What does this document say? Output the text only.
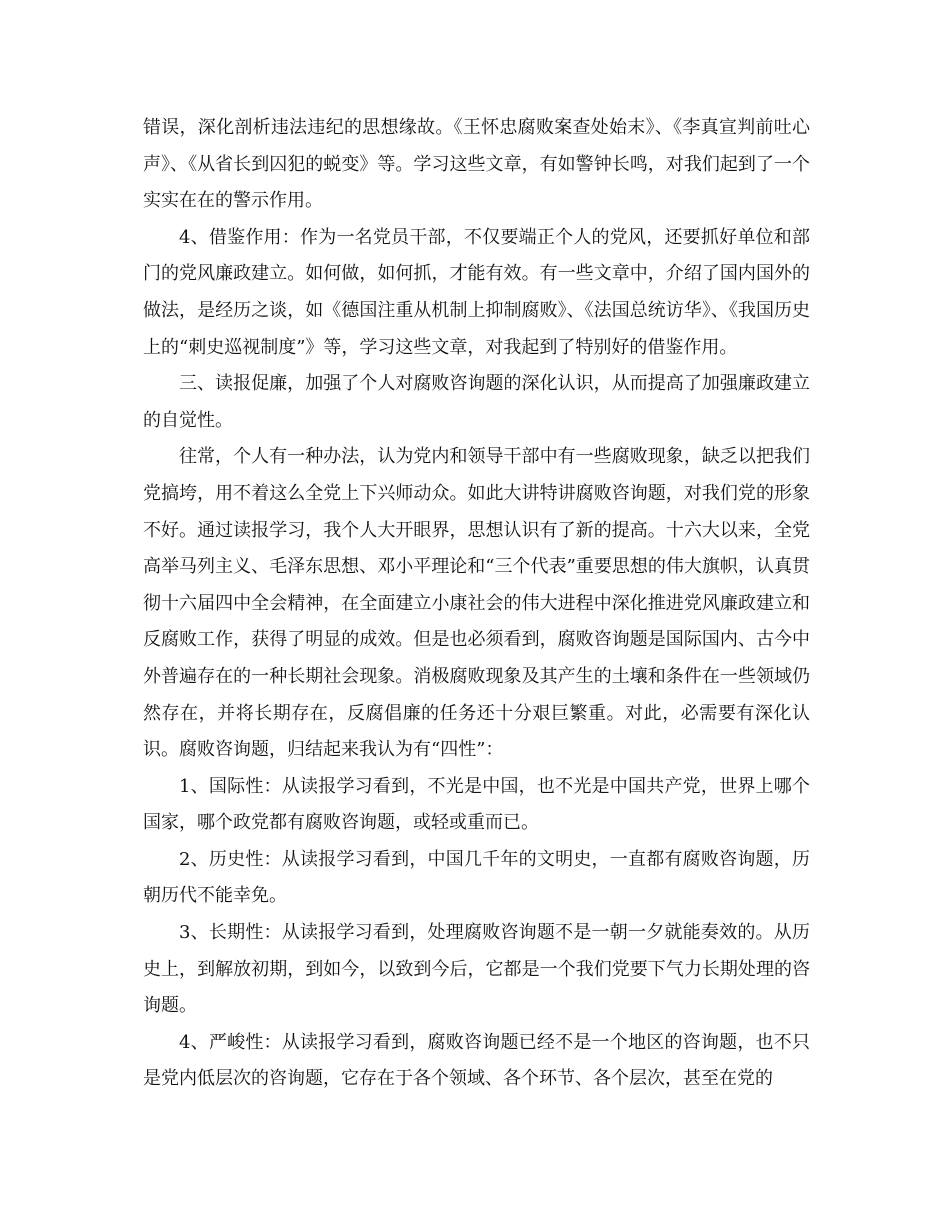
错误，深化剖析违法违纪的思想缘故。《王怀忠腐败案查处始末》、《李真宣判前吐心声》、《从省长到囚犯的蜕变》等。学习这些文章，有如警钟长鸣，对我们起到了一个实实在在的警示作用。

4、借鉴作用：作为一名党员干部，不仅要端正个人的党风，还要抓好单位和部门的党风廉政建立。如何做，如何抓，才能有效。有一些文章中，介绍了国内国外的做法，是经历之谈，如《德国注重从机制上抑制腐败》、《法国总统访华》、《我国历史上的“刺史巡视制度”》等，学习这些文章，对我起到了特别好的借鉴作用。

三、读报促廉，加强了个人对腐败咨询题的深化认识，从而提高了加强廉政建立的自觉性。

往常，个人有一种办法，认为党内和领导干部中有一些腐败现象，缺乏以把我们党搞垮，用不着这么全党上下兴师动众。如此大讲特讲腐败咨询题，对我们党的形象不好。通过读报学习，我个人大开眼界，思想认识有了新的提高。十六大以来，全党高举马列主义、毛泽东思想、邓小平理论和“三个代表”重要思想的伟大旗帜，认真贯彻十六届四中全会精神，在全面建立小康社会的伟大进程中深化推进党风廉政建立和反腐败工作，获得了明显的成效。但是也必须看到，腐败咨询题是国际国内、古今中外普遍存在的一种长期社会现象。消极腐败现象及其产生的土壤和条件在一些领域仍然存在，并将长期存在，反腐倡廉的任务还十分艰巨繁重。对此，必需要有深化认识。腐败咨询题，归结起来我认为有“四性”：

1、国际性：从读报学习看到，不光是中国，也不光是中国共产党，世界上哪个国家，哪个政党都有腐败咨询题，或轻或重而已。

2、历史性：从读报学习看到，中国几千年的文明史，一直都有腐败咨询题，历朝历代不能幸免。

3、长期性：从读报学习看到，处理腐败咨询题不是一朝一夕就能奏效的。从历史上，到解放初期，到如今，以致到今后，它都是一个我们党要下气力长期处理的咨询题。

4、严峻性：从读报学习看到，腐败咨询题已经不是一个地区的咨询题，也不只是党内低层次的咨询题，它存在于各个领域、各个环节、各个层次，甚至在党的
